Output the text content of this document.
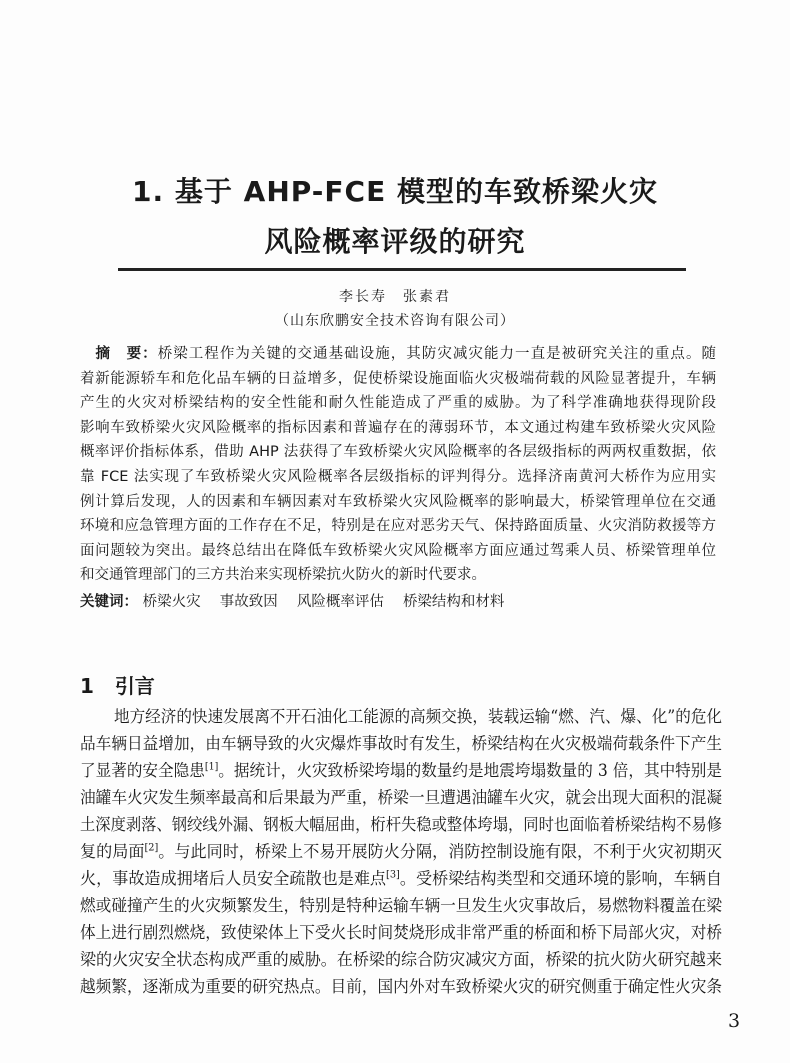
1. 基于 AHP-FCE 模型的车致桥梁火灾
风险概率评级的研究
李长寿　张素君
（山东欣鹏安全技术咨询有限公司）
　摘　要：桥梁工程作为关键的交通基础设施，其防灾减灾能力一直是被研究关注的重点。随
着新能源轿车和危化品车辆的日益增多，促使桥梁设施面临火灾极端荷载的风险显著提升，车辆
产生的火灾对桥梁结构的安全性能和耐久性能造成了严重的威胁。为了科学准确地获得现阶段
影响车致桥梁火灾风险概率的指标因素和普遍存在的薄弱环节，本文通过构建车致桥梁火灾风险
概率评价指标体系，借助 AHP 法获得了车致桥梁火灾风险概率的各层级指标的两两权重数据，依
靠 FCE 法实现了车致桥梁火灾风险概率各层级指标的评判得分。选择济南黄河大桥作为应用实
例计算后发现，人的因素和车辆因素对车致桥梁火灾风险概率的影响最大，桥梁管理单位在交通
环境和应急管理方面的工作存在不足，特别是在应对恶劣天气、保持路面质量、火灾消防救援等方
面问题较为突出。最终总结出在降低车致桥梁火灾风险概率方面应通过驾乘人员、桥梁管理单位
和交通管理部门的三方共治来实现桥梁抗火防火的新时代要求。
关键词： 桥梁火灾　 事故致因　 风险概率评估　 桥梁结构和材料
1 引言
地方经济的快速发展离不开石油化工能源的高频交换，装载运输“燃、汽、爆、化”的危化
品车辆日益增加，由车辆导致的火灾爆炸事故时有发生，桥梁结构在火灾极端荷载条件下产生
了显著的安全隐患[1]。据统计，火灾致桥梁垮塌的数量约是地震垮塌数量的 3 倍，其中特别是
油罐车火灾发生频率最高和后果最为严重，桥梁一旦遭遇油罐车火灾，就会出现大面积的混凝
土深度剥落、钢绞线外漏、钢板大幅屈曲，桁杆失稳或整体垮塌，同时也面临着桥梁结构不易修
复的局面[2]。与此同时，桥梁上不易开展防火分隔，消防控制设施有限，不利于火灾初期灭
火，事故造成拥堵后人员安全疏散也是难点[3]。受桥梁结构类型和交通环境的影响，车辆自
燃或碰撞产生的火灾频繁发生，特别是特种运输车辆一旦发生火灾事故后，易燃物料覆盖在梁
体上进行剧烈燃烧，致使梁体上下受火长时间焚烧形成非常严重的桥面和桥下局部火灾，对桥
梁的火灾安全状态构成严重的威胁。在桥梁的综合防灾减灾方面，桥梁的抗火防火研究越来
越频繁，逐渐成为重要的研究热点。目前，国内外对车致桥梁火灾的研究侧重于确定性火灾条
3
